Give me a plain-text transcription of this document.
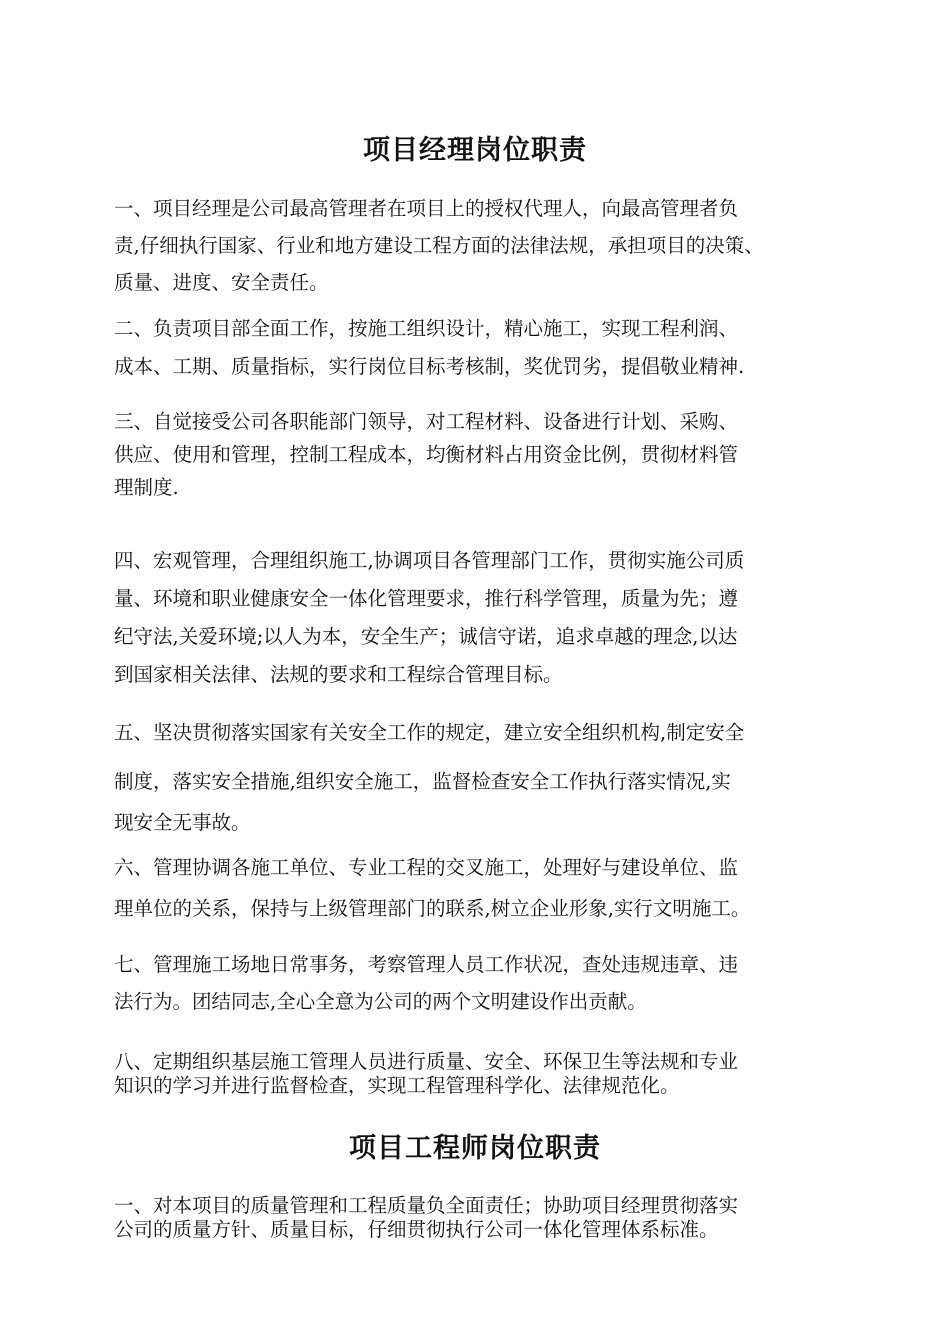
项目经理岗位职责

一、项目经理是公司最高管理者在项目上的授权代理人，向最高管理者负
责,仔细执行国家、行业和地方建设工程方面的法律法规，承担项目的决策、
质量、进度、安全责任。

二、负责项目部全面工作，按施工组织设计，精心施工，实现工程利润、
成本、工期、质量指标，实行岗位目标考核制，奖优罚劣，提倡敬业精神.

三、自觉接受公司各职能部门领导，对工程材料、设备进行计划、采购、
供应、使用和管理，控制工程成本，均衡材料占用资金比例，贯彻材料管
理制度.

四、宏观管理，合理组织施工,协调项目各管理部门工作，贯彻实施公司质
量、环境和职业健康安全一体化管理要求，推行科学管理，质量为先；遵
纪守法,关爱环境;以人为本，安全生产；诚信守诺，追求卓越的理念,以达
到国家相关法律、法规的要求和工程综合管理目标。

五、坚决贯彻落实国家有关安全工作的规定，建立安全组织机构,制定安全

制度，落实安全措施,组织安全施工，监督检查安全工作执行落实情况,实
现安全无事故。

六、管理协调各施工单位、专业工程的交叉施工，处理好与建设单位、监
理单位的关系，保持与上级管理部门的联系,树立企业形象,实行文明施工。

七、管理施工场地日常事务，考察管理人员工作状况，查处违规违章、违
法行为。团结同志,全心全意为公司的两个文明建设作出贡献。

八、定期组织基层施工管理人员进行质量、安全、环保卫生等法规和专业
知识的学习并进行监督检查，实现工程管理科学化、法律规范化。

项目工程师岗位职责

一、对本项目的质量管理和工程质量负全面责任；协助项目经理贯彻落实
公司的质量方针、质量目标，仔细贯彻执行公司一体化管理体系标准。
